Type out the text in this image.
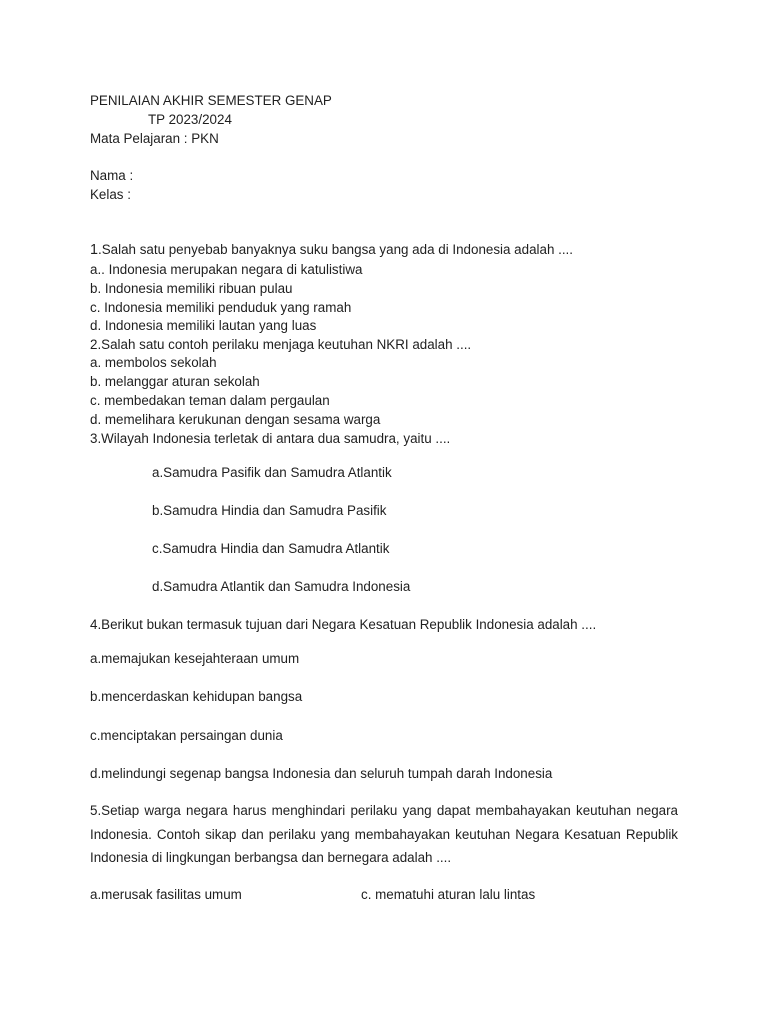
PENILAIAN AKHIR SEMESTER GENAP
TP 2023/2024
Mata Pelajaran : PKN
Nama :
Kelas :
1.Salah satu penyebab banyaknya suku bangsa yang ada di Indonesia adalah ....
a.. Indonesia merupakan negara di katulistiwa
b. Indonesia memiliki ribuan pulau
c. Indonesia memiliki penduduk yang ramah
d. Indonesia memiliki lautan yang luas
2.Salah satu contoh perilaku menjaga keutuhan NKRI adalah ....
a. membolos sekolah
b. melanggar aturan sekolah
c. membedakan teman dalam pergaulan
d. memelihara kerukunan dengan sesama warga
3.Wilayah Indonesia terletak di antara dua samudra, yaitu ....
a.Samudra Pasifik dan Samudra Atlantik
b.Samudra Hindia dan Samudra Pasifik
c.Samudra Hindia dan Samudra Atlantik
d.Samudra Atlantik dan Samudra Indonesia
4.Berikut bukan termasuk tujuan dari Negara Kesatuan Republik Indonesia adalah ....
a.memajukan kesejahteraan umum
b.mencerdaskan kehidupan bangsa
c.menciptakan persaingan dunia
d.melindungi segenap bangsa Indonesia dan seluruh tumpah darah Indonesia
5.Setiap warga negara harus menghindari perilaku yang dapat membahayakan keutuhan negara Indonesia. Contoh sikap dan perilaku yang membahayakan keutuhan Negara Kesatuan Republik Indonesia di lingkungan berbangsa dan bernegara adalah ....
a.merusak fasilitas umum	c. mematuhi aturan lalu lintas
